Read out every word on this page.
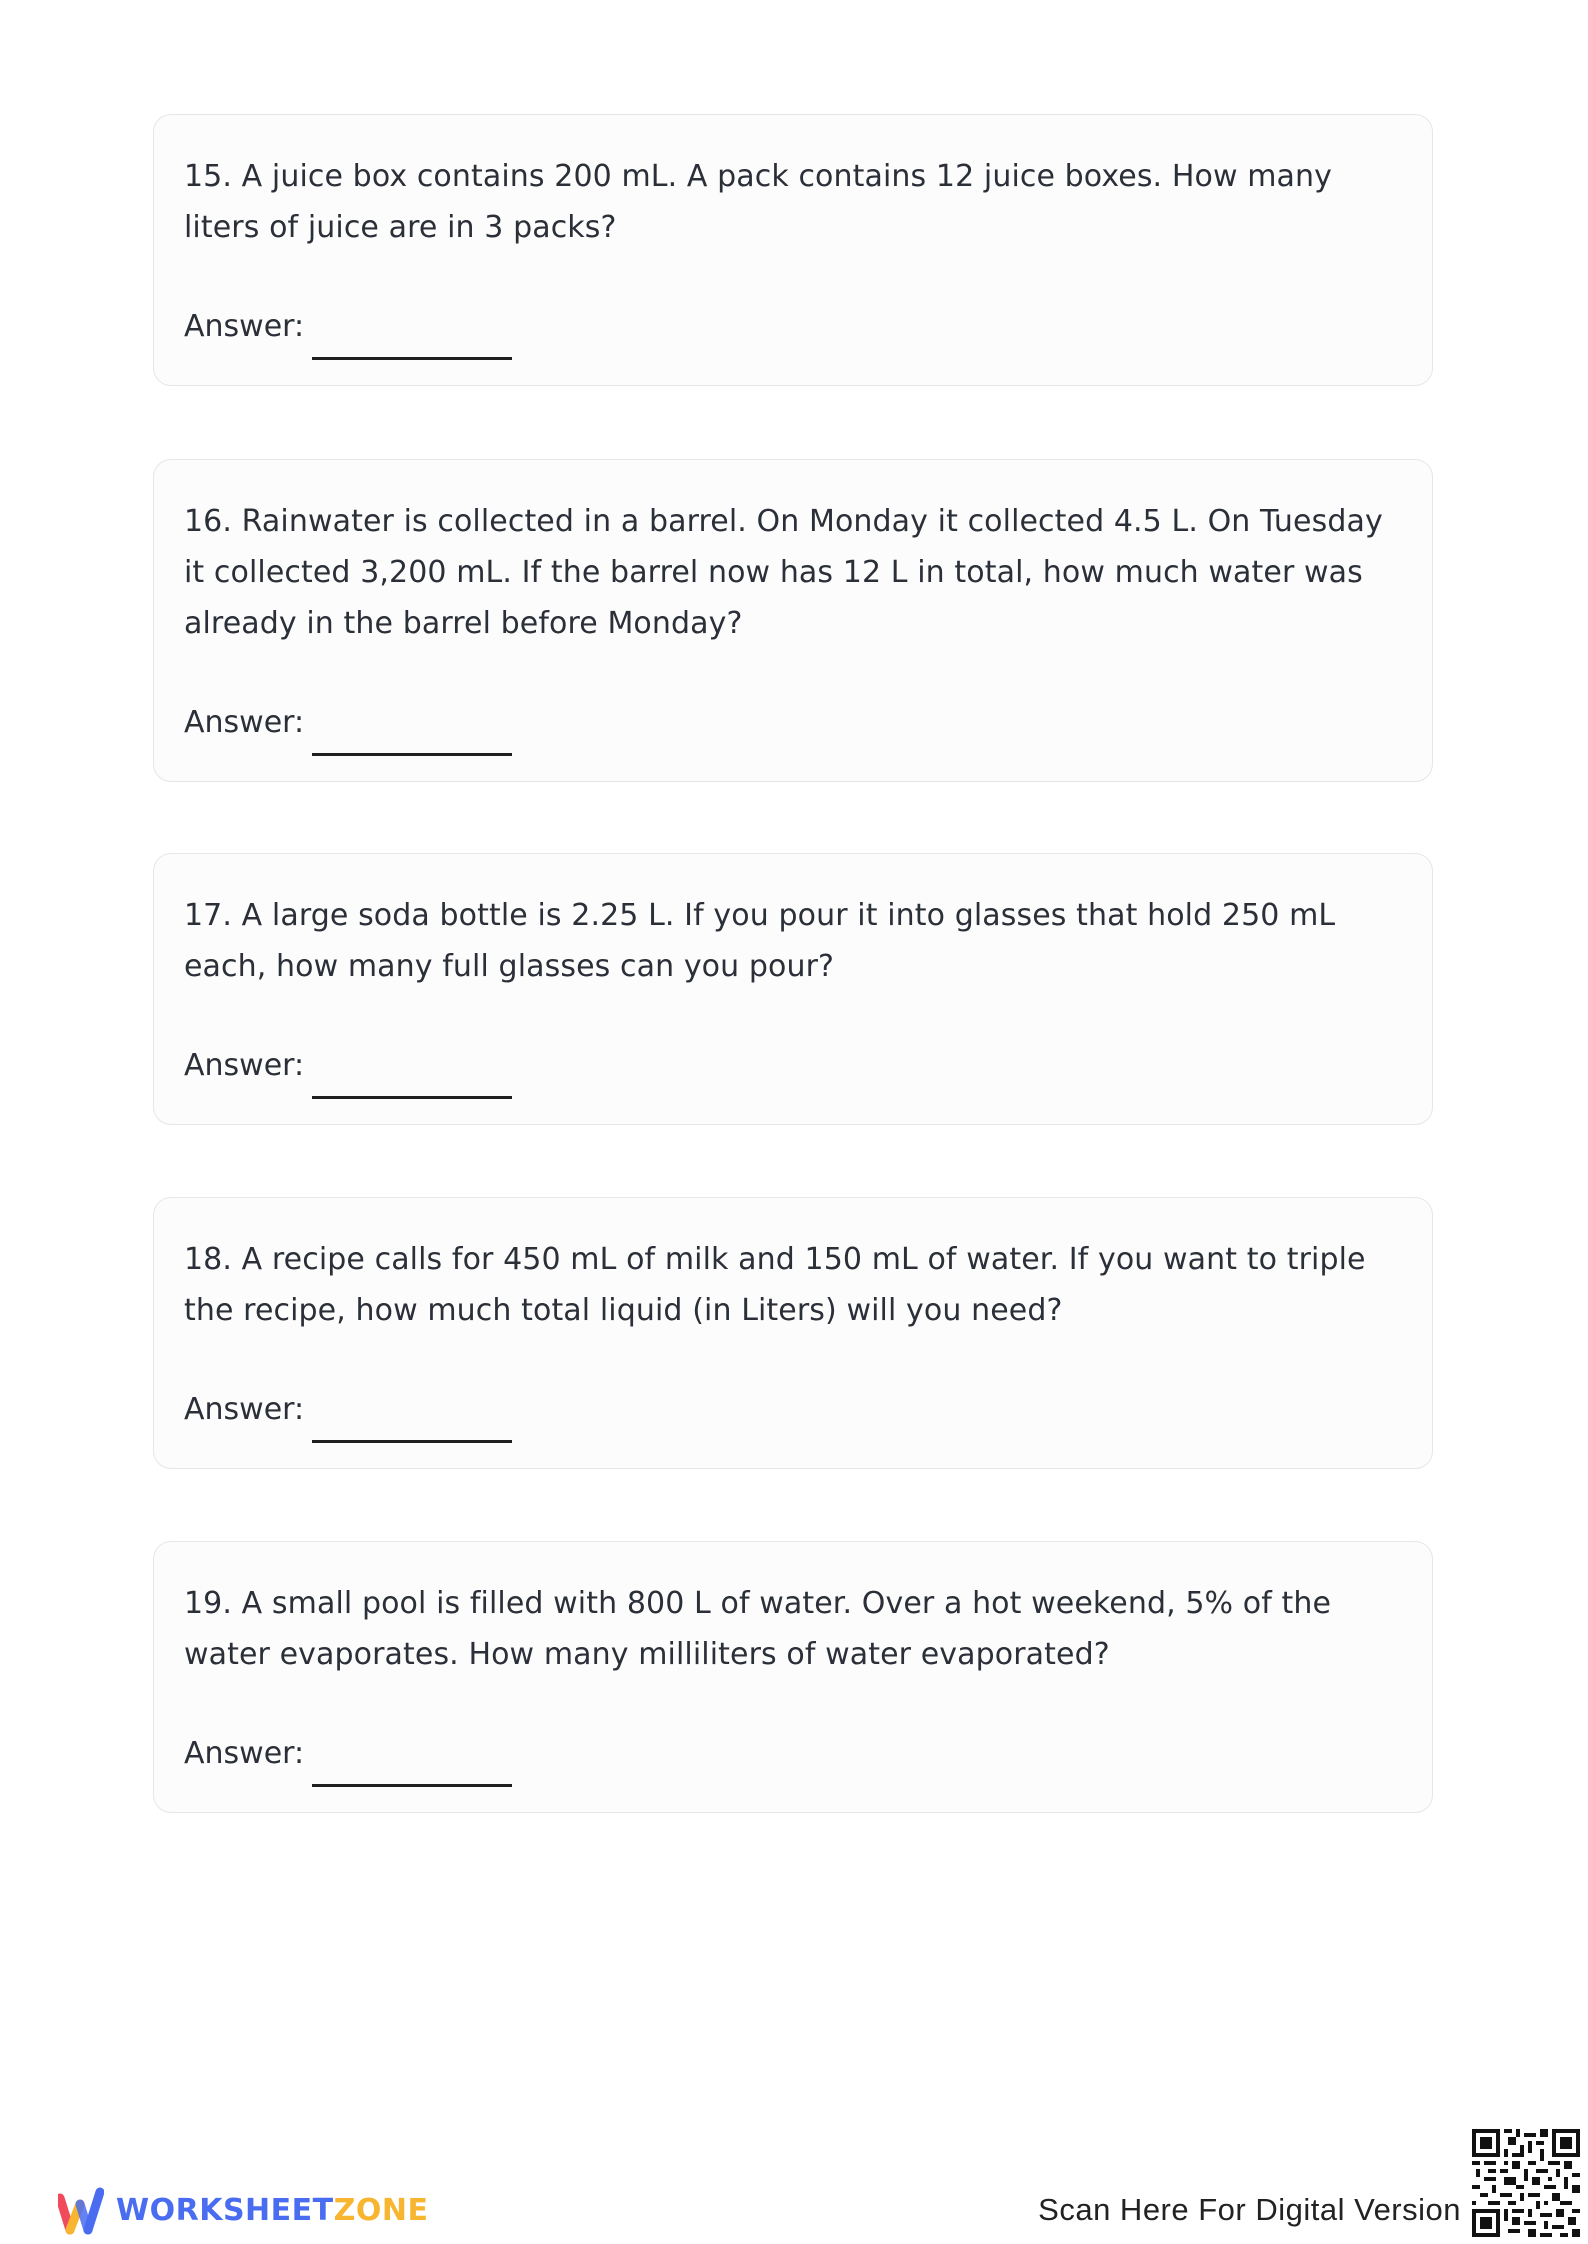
15. A juice box contains 200 mL. A pack contains 12 juice boxes. How many liters of juice are in 3 packs?
Answer:
16. Rainwater is collected in a barrel. On Monday it collected 4.5 L. On Tuesday it collected 3,200 mL. If the barrel now has 12 L in total, how much water was already in the barrel before Monday?
Answer:
17. A large soda bottle is 2.25 L. If you pour it into glasses that hold 250 mL each, how many full glasses can you pour?
Answer:
18. A recipe calls for 450 mL of milk and 150 mL of water. If you want to triple the recipe, how much total liquid (in Liters) will you need?
Answer:
19. A small pool is filled with 800 L of water. Over a hot weekend, 5% of the water evaporates. How many milliliters of water evaporated?
Answer:
WORKSHEETZONE	Scan Here For Digital Version
